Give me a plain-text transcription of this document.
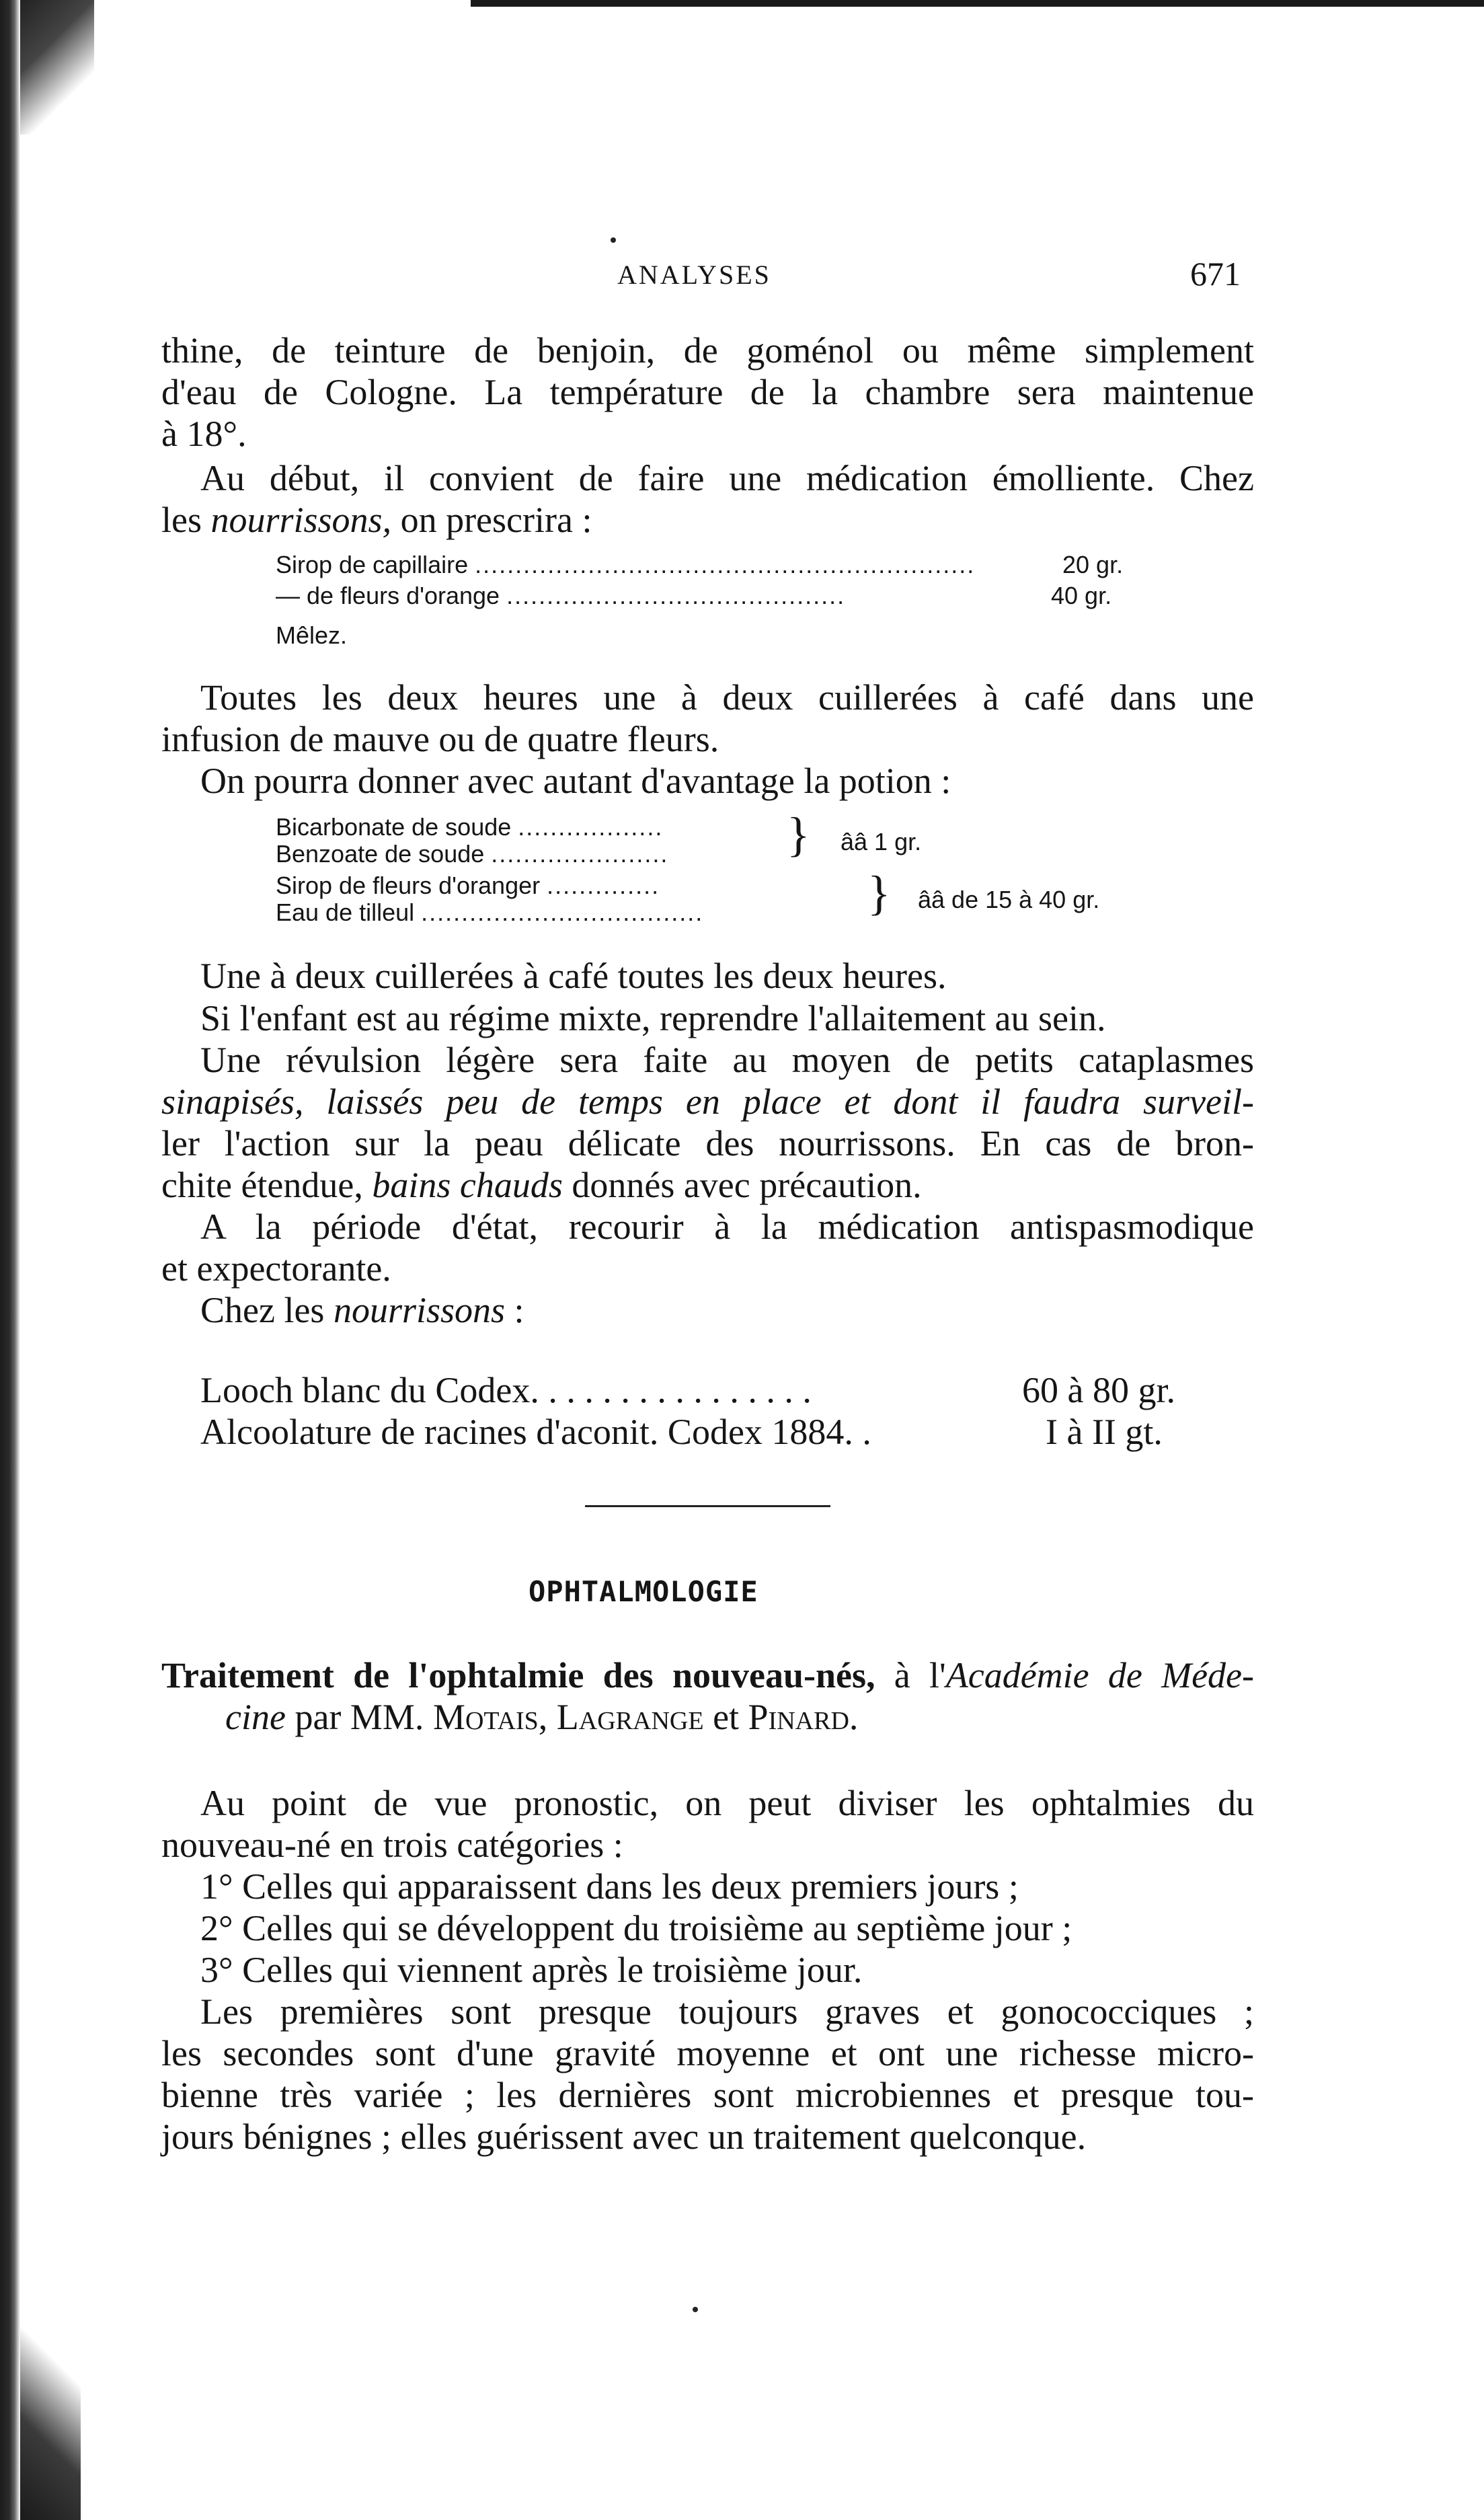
ANALYSES	671
thine, de teinture de benjoin, de goménol ou même simplement
d'eau de Cologne. La température de la chambre sera maintenue
à 18°.
Au début, il convient de faire une médication émolliente. Chez
les nourrissons, on prescrira :
Sirop de capillaire ..............................................................	20 gr.
— de fleurs d'orange ..........................................	40 gr.
Mêlez.
Toutes les deux heures une à deux cuillerées à café dans une
infusion de mauve ou de quatre fleurs.
On pourra donner avec autant d'avantage la potion :
Bicarbonate de soude ..................
Benzoate de soude ...................... } ââ 1 gr.
Sirop de fleurs d'oranger ..............
Eau de tilleul ...................................	} ââ de 15 à 40 gr.
Une à deux cuillerées à café toutes les deux heures.
Si l'enfant est au régime mixte, reprendre l'allaitement au sein.
Une révulsion légère sera faite au moyen de petits cataplasmes
sinapisés, laissés peu de temps en place et dont il faudra surveil-
ler l'action sur la peau délicate des nourrissons. En cas de bron-
chite étendue, bains chauds donnés avec précaution.
A la période d'état, recourir à la médication antispasmodique
et expectorante.
Chez les nourrissons :
Looch blanc du Codex. . . . . . . . . . . . . . . .	60 à 80 gr.
Alcoolature de racines d'aconit. Codex 1884. .	I à II gt.
OPHTALMOLOGIE
Traitement de l'ophtalmie des nouveau-nés, à l'Académie de Méde-
cine par MM. Motais, Lagrange et Pinard.
Au point de vue pronostic, on peut diviser les ophtalmies du
nouveau-né en trois catégories :
1° Celles qui apparaissent dans les deux premiers jours ;
2° Celles qui se développent du troisième au septième jour ;
3° Celles qui viennent après le troisième jour.
Les premières sont presque toujours graves et gonococciques ;
les secondes sont d'une gravité moyenne et ont une richesse micro-
bienne très variée ; les dernières sont microbiennes et presque tou-
jours bénignes ; elles guérissent avec un traitement quelconque.
